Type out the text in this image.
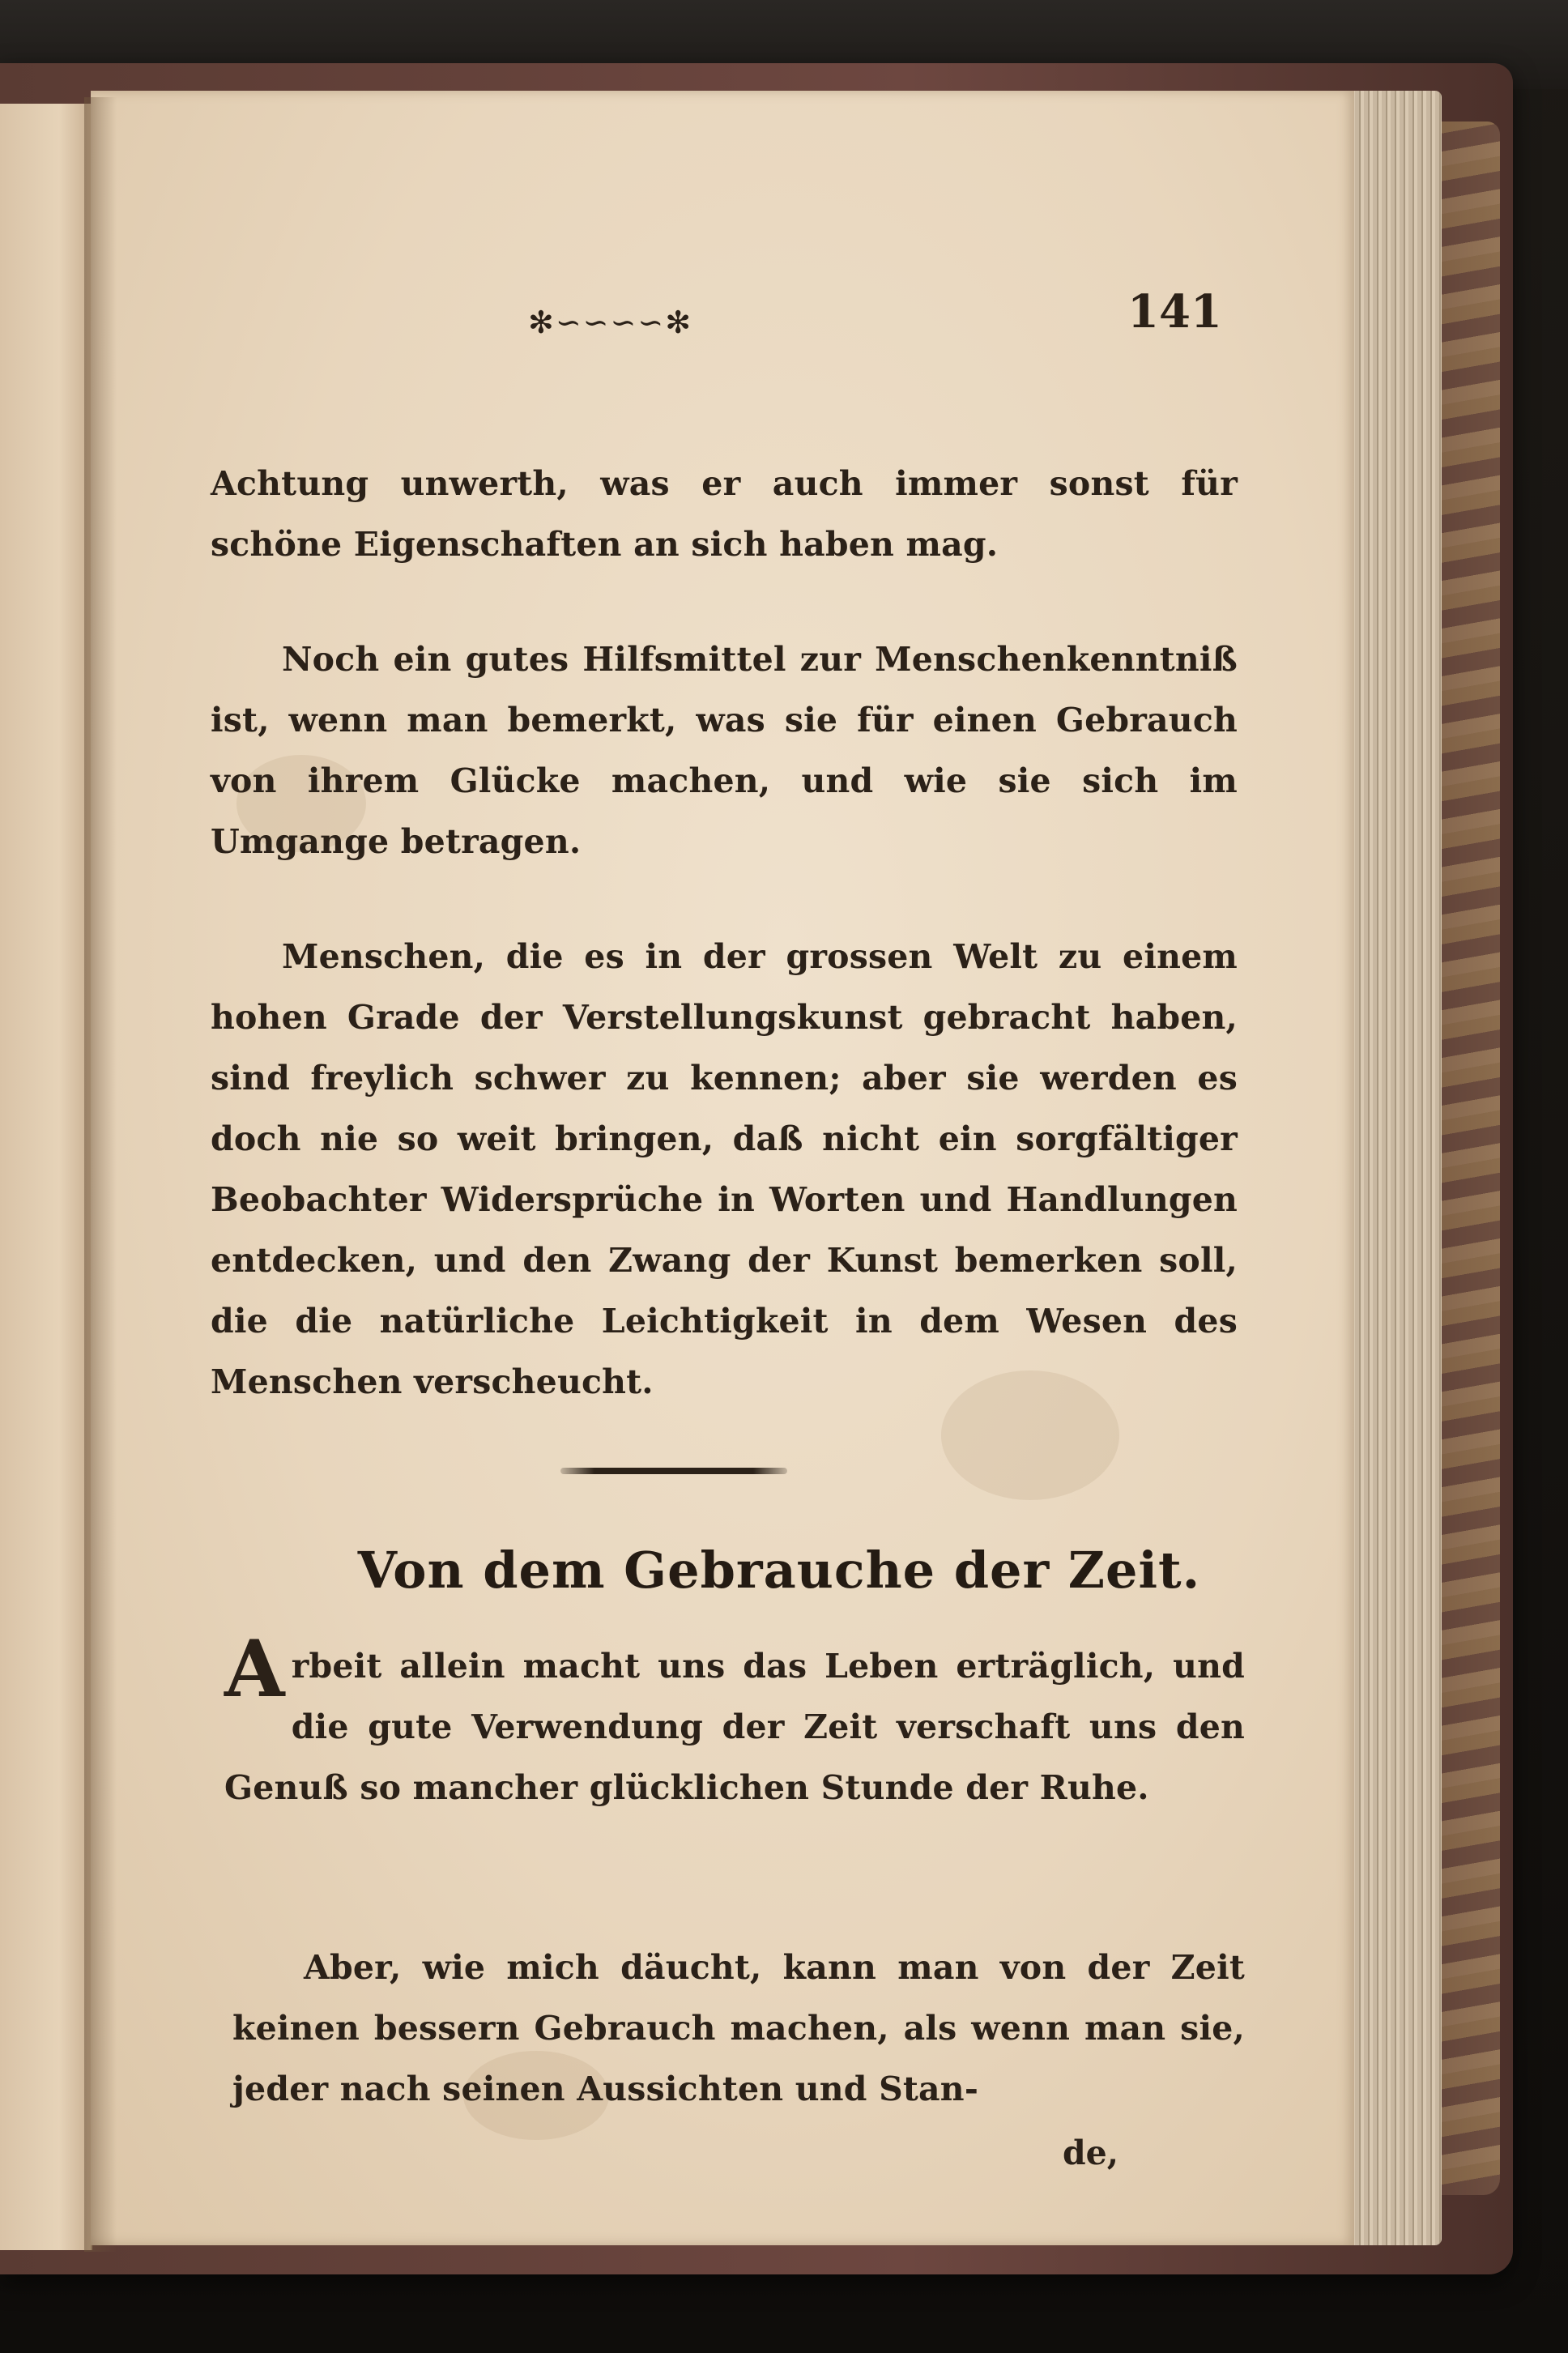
✻∽∽∽∽✻	141
Achtung unwerth, was er auch immer sonst für schöne Eigenschaften an sich haben mag.
Noch ein gutes Hilfsmittel zur Menschenkenntniß ist, wenn man bemerkt, was sie für einen Gebrauch von ihrem Glücke machen, und wie sie sich im Umgange betragen.
Menschen, die es in der grossen Welt zu einem hohen Grade der Verstellungskunst gebracht haben, sind freylich schwer zu kennen; aber sie werden es doch nie so weit bringen, daß nicht ein sorgfältiger Beobachter Widersprüche in Worten und Handlungen entdecken, und den Zwang der Kunst bemerken soll, die die natürliche Leichtigkeit in dem Wesen des Menschen verscheucht.
Von dem Gebrauche der Zeit.
Arbeit allein macht uns das Leben erträglich, und die gute Verwendung der Zeit verschaft uns den Genuß so mancher glücklichen Stunde der Ruhe.
Aber, wie mich däucht, kann man von der Zeit keinen bessern Gebrauch machen, als wenn man sie, jeder nach seinen Aussichten und Stan-
de,
